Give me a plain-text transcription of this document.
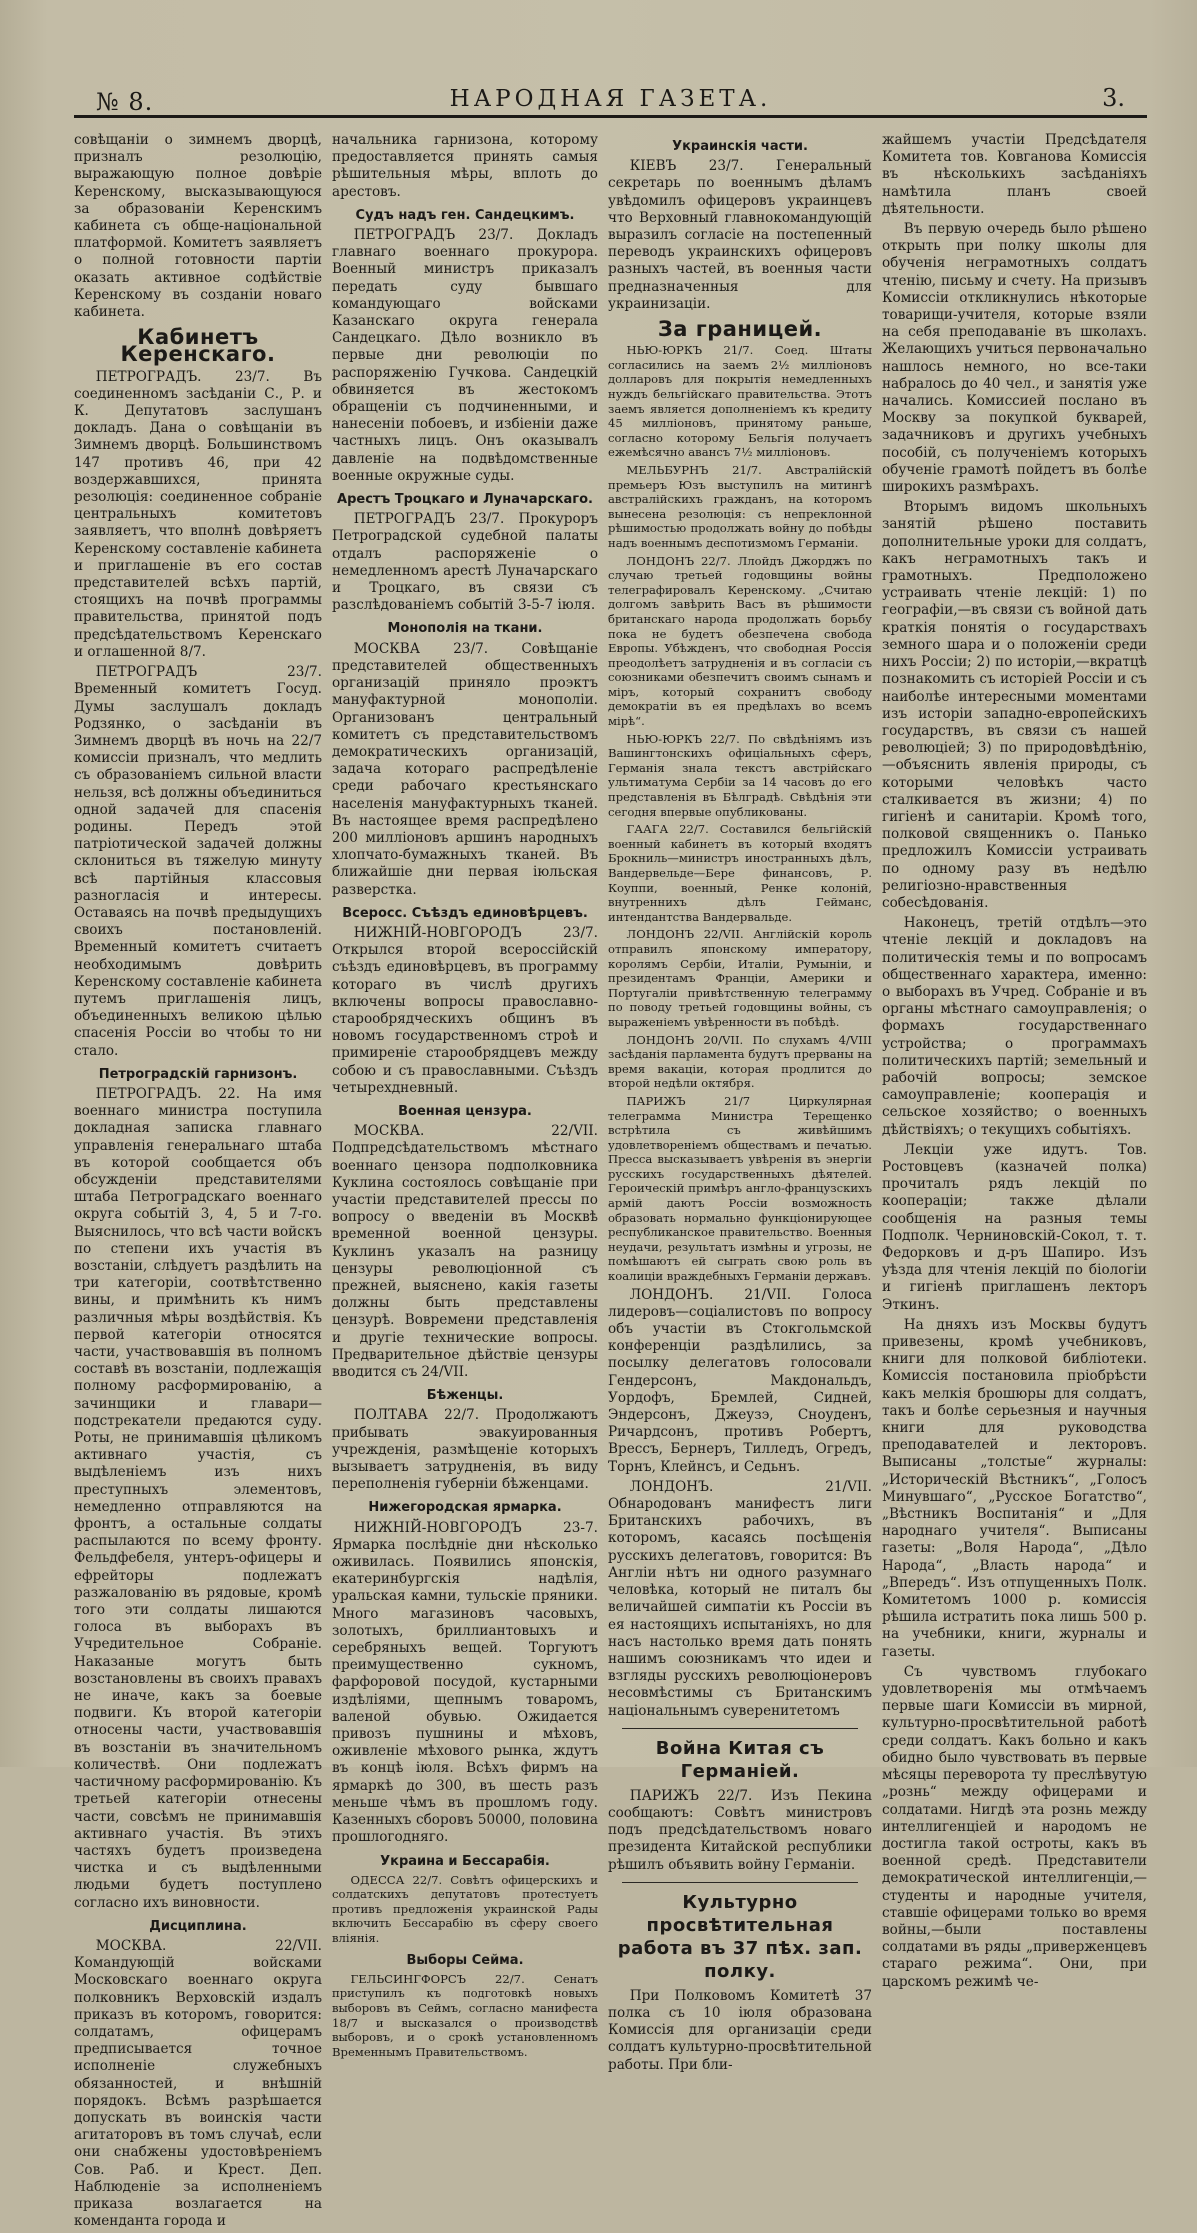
№ 8.	НАРОДНАЯ ГАЗЕТА.	3.

совѣщаніи о зимнемъ дворцѣ, призналъ резолюцію, выражающую полное довѣріе Керенскому, высказывающуюся за образованіи Керенскимъ кабинета съ обще-національной платформой. Комитетъ заявляетъ о полной готовности партіи оказать активное содѣйствіе Керенскому въ созданіи новаго кабинета.

Кабинетъ Керенскаго.

ПЕТРОГРАДЪ. 23/7. Въ соединенномъ засѣданіи С., Р. и К. Депутатовъ заслушанъ докладъ. Дана о совѣщаніи въ Зимнемъ дворцѣ. Большинствомъ 147 противъ 46, при 42 воздержавшихся, принята резолюція: соединенное собраніе центральныхъ комитетовъ заявляетъ, что вполнѣ довѣряетъ Керенскому составленіе кабинета и приглашеніе въ его состав представителей всѣхъ партій, стоящихъ на почвѣ программы правительства, принятой подъ предсѣдательствомъ Керенскаго и оглашенной 8/7.

ПЕТРОГРАДЪ 23/7. Временный комитетъ Госуд. Думы заслушалъ докладъ Родзянко, о засѣданіи въ Зимнемъ дворцѣ въ ночь на 22/7 комиссіи призналъ, что медлить съ образованіемъ сильной власти нельзя, всѣ должны объединиться одной задачей для спасенія родины. Передъ этой патріотической задачей должны склониться въ тяжелую минуту всѣ партійныя классовыя разногласія и интересы. Оставаясь на почвѣ предыдущихъ своихъ постановленій. Временный комитетъ считаетъ необходимымъ довѣрить Керенскому составленіе кабинета путемъ приглашенія лицъ, объединенныхъ великою цѣлью спасенія Россіи во чтобы то ни стало.

Петроградскій гарнизонъ.

ПЕТРОГРАДЪ. 22. На имя военнаго министра поступила докладная записка главнаго управленія генеральнаго штаба въ которой сообщается объ обсужденіи представителями штаба Петроградскаго военнаго округа событій 3, 4, 5 и 7-го. Выяснилось, что всѣ части войскъ по степени ихъ участія въ возстаніи, слѣдуетъ раздѣлить на три категоріи, соотвѣтственно вины, и примѣнить къ нимъ различныя мѣры воздѣйствія. Къ первой категоріи относятся части, участвовавшія въ полномъ составѣ въ возстаніи, подлежащія полному расформированію, а зачинщики и главари—подстрекатели предаются суду. Роты, не принимавшія цѣликомъ активнаго участія, съ выдѣленіемъ изъ нихъ преступныхъ элементовъ, немедленно отправляются на фронтъ, а остальные солдаты распылаются по всему фронту. Фельдфебеля, унтеръ-офицеры и ефрейторы подлежатъ разжалованію въ рядовые, кромѣ того эти солдаты лишаются голоса въ выборахъ въ Учредительное Собраніе. Наказаные могутъ быть возстановлены въ своихъ правахъ не иначе, какъ за боевые подвиги. Къ второй категоріи относены части, участвовавшія въ возстаніи въ значительномъ количествѣ. Они подлежатъ частичному расформированію. Къ третьей категоріи отнесены части, совсѣмъ не принимавшія активнаго участія. Въ этихъ частяхъ будетъ произведена чистка и съ выдѣленными людьми будетъ поступлено согласно ихъ виновности.

Дисциплина.

МОСКВА. 22/VII. Командующій войсками Московскаго военнаго округа полковникъ Верховскій издалъ приказъ въ которомъ, говорится: солдатамъ, офицерамъ предписывается точное исполненіе служебныхъ обязанностей, и внѣшній порядокъ. Всѣмъ разрѣшается допускать въ воинскія части агитаторовъ въ томъ случаѣ, если они снабжены удостовѣреніемъ Сов. Раб. и Крест. Деп. Наблюденіе за исполненіемъ приказа возлагается на коменданта города и

начальника гарнизона, которому предоставляется принять самыя рѣшительныя мѣры, вплоть до арестовъ.

Судъ надъ ген. Сандецкимъ.

ПЕТРОГРАДЪ 23/7. Докладъ главнаго военнаго прокурора. Военный министръ приказалъ передать суду бывшаго командующаго войсками Казанскаго округа генерала Сандецкаго. Дѣло возникло въ первые дни революціи по распоряженію Гучкова. Сандецкій обвиняется въ жестокомъ обращеніи съ подчиненными, и нанесеніи побоевъ, и избіеніи даже частныхъ лицъ. Онъ оказывалъ давленіе на подвѣдомственные военные окружные суды.

Арестъ Троцкаго и Луначарскаго.

ПЕТРОГРАДЪ 23/7. Прокуроръ Петроградской судебной палаты отдалъ распоряженіе о немедленномъ арестѣ Луначарскаго и Троцкаго, въ связи съ разслѣдованіемъ событій 3-5-7 іюля.

Монополія на ткани.

МОСКВА 23/7. Совѣщаніе представителей общественныхъ организацій приняло проэктъ мануфактурной монополіи. Организованъ центральный комитетъ съ представительствомъ демократическихъ организацій, задача котораго распредѣленіе среди рабочаго крестьянскаго населенія мануфактурныхъ тканей. Въ настоящее время распредѣлено 200 милліоновъ аршинъ народныхъ хлопчато-бумажныхъ тканей. Въ ближайшіе дни первая іюльская разверстка.

Всеросс. Съѣздъ единовѣрцевъ.

НИЖНІЙ-НОВГОРОДЪ 23/7. Открылся второй всероссійскій съѣздъ единовѣрцевъ, въ программу котораго въ числѣ другихъ включены вопросы православно-старообрядческихъ общинъ въ новомъ государственномъ строѣ и примиреніе старообрядцевъ между собою и съ православными. Съѣздъ четырехдневный.

Военная цензура.

МОСКВА. 22/VII. Подпредсѣдательствомъ мѣстнаго военнаго цензора подполковника Куклина состоялось совѣщаніе при участіи представителей прессы по вопросу о введеніи въ Москвѣ временной военной цензуры. Куклинъ указалъ на разницу цензуры революціонной съ прежней, выяснено, какія газеты должны быть представлены цензурѣ. Вовремени представленія и другіе технические вопросы. Предварительное дѣйствіе цензуры вводится съ 24/VII.

Бѣженцы.

ПОЛТАВА 22/7. Продолжаютъ прибывать эвакуированныя учрежденія, размѣщеніе которыхъ вызываетъ затрудненія, въ виду переполненія губерніи бѣженцами.

Нижегородская ярмарка.

НИЖНІЙ-НОВГОРОДЪ 23-7. Ярмарка послѣдніе дни нѣсколько оживилась. Появились японскія, екатеринбургскія надѣлія, уральская камни, тульскіе пряники. Много магазиновъ часовыхъ, золотыхъ, бриллиантовыхъ и серебряныхъ вещей. Торгуютъ преимущественно сукномъ, фарфоровой посудой, кустарными издѣліями, щепнымъ товаромъ, валеной обувью. Ожидается привозъ пушнины и мѣховъ, оживленіе мѣхового рынка, ждутъ въ концѣ іюля. Всѣхъ фирмъ на ярмаркѣ до 300, въ шесть разъ меньше чѣмъ въ прошломъ году. Казенныхъ сборовъ 50000, половина прошлогодняго.

Украина и Бессарабія.

ОДЕССА 22/7. Совѣтъ офицерскихъ и солдатскихъ депутатовъ протестуетъ противъ предложенія украинской Рады включить Бессарабію въ сферу своего вліянія.

Выборы Сейма.

ГЕЛЬСИНГФОРСЪ 22/7. Сенатъ приступилъ къ подготовкѣ новыхъ выборовъ въ Сеймъ, согласно манифеста 18/7 и высказался о производствѣ выборовъ, и о срокѣ установленномъ Временнымъ Правительствомъ.

Украинскія части.

КІЕВЪ 23/7. Генеральный секретарь по военнымъ дѣламъ увѣдомилъ офицеровъ украинцевъ что Верховный главнокомандующій выразилъ согласіе на постепенный переводъ украинскихъ офицеровъ разныхъ частей, въ военныя части предназначенныя для украинизаціи.

За границей.

НЬЮ-ЮРКЪ 21/7. Соед. Штаты согласились на заемъ 2½ милліоновъ долларовъ для покрытія немедленныхъ нуждъ бельгійскаго правительства. Этотъ заемъ является дополненіемъ къ кредиту 45 милліоновъ, принятому раньше, согласно которому Бельгія получаетъ ежемѣсячно авансъ 7½ милліоновъ.

МЕЛЬБУРНЪ 21/7. Австралійскій премьеръ Юзъ выступилъ на митингѣ австралійскихъ гражданъ, на которомъ вынесена резолюція: съ непреклонной рѣшимостью продолжать войну до побѣды надъ военнымъ деспотизмомъ Германіи.

ЛОНДОНЪ 22/7. Ллойдъ Джорджъ по случаю третьей годовщины войны телеграфировалъ Керенскому. „Считаю долгомъ завѣрить Васъ въ рѣшимости британскаго народа продолжать борьбу пока не будетъ обезпечена свобода Европы. Убѣжденъ, что свободная Россія преодолѣетъ затрудненія и въ согласіи съ союзниками обезпечитъ своимъ сынамъ и міръ, который сохранитъ свободу демократіи въ ея предѣлахъ во всемъ мірѣ“.

НЬЮ-ЮРКЪ 22/7. По свѣдѣніямъ изъ Вашингтонскихъ офиціальныхъ сферъ, Германія знала текстъ австрійскаго ультиматума Сербіи за 14 часовъ до его представленія въ Бѣлградѣ. Свѣдѣнія эти сегодня впервые опубликованы.

ГААГА 22/7. Составился бельгійскій военный кабинетъ въ который входятъ Брокниль—министръ иностранныхъ дѣлъ, Вандервельде—Бере финансовъ, Р. Коуппи, военный, Ренке колоній, внутреннихъ дѣлъ Гейманс, интендантства Вандервальде.

ЛОНДОНЪ 22/VII. Англійскій король отправилъ японскому императору, королямъ Сербіи, Италіи, Румыніи, и президентамъ Франціи, Америки и Португаліи привѣтственную телеграмму по поводу третьей годовщины войны, съ выраженіемъ увѣренности въ побѣдѣ.

ЛОНДОНЪ 20/VII. По слухамъ 4/VIII засѣданія парламента будутъ прерваны на время вакаціи, которая продлится до второй недѣли октября.

ПАРИЖЪ 21/7 Циркулярная телеграмма Министра Терещенко встрѣтила съ живѣйшимъ удовлетвореніемъ обществамъ и печатью. Пресса высказываетъ увѣренія въ энергіи русскихъ государственныхъ дѣятелей. Героическій примѣръ англо-французскихъ армій даютъ Россіи возможность образовать нормально функціонирующее республиканское правительство. Военныя неудачи, результатъ измѣны и угрозы, не помѣшаютъ ей сыграть свою роль въ коалиціи враждебныхъ Германіи державъ.

ЛОНДОНЪ. 21/VII. Голоса лидеровъ—соціалистовъ по вопросу объ участіи въ Стокгольмской конференціи раздѣлились, за посылку делегатовъ голосовали Гендерсонъ, Макдональдъ, Уордофъ, Бремлей, Сидней, Эндерсонъ, Джеузэ, Сноуденъ, Ричардсонъ, противъ Робертъ, Врессъ, Бернеръ, Тилледъ, Огредъ, Торнъ, Клейнсъ, и Седьнъ.

ЛОНДОНЪ. 21/VII. Обнародованъ манифестъ лиги Британскихъ рабочихъ, въ которомъ, касаясь посѣщенія русскихъ делегатовъ, говорится: Въ Англіи нѣтъ ни одного разумнаго человѣка, который не питалъ бы величайшей симпатіи къ Россіи въ ея настоящихъ испытаніяхъ, но для насъ настолько время дать понять нашимъ союзникамъ что идеи и взгляды русскихъ революціонеровъ несовмѣстимы съ Британскимъ національнымъ суверенитетомъ

Война Китая съ Германіей.

ПАРИЖЪ 22/7. Изъ Пекина сообщаютъ: Совѣтъ министровъ подъ предсѣдательствомъ новаго президента Китайской республики рѣшилъ объявить войну Германіи.

Культурно просвѣтительная работа въ 37 пѣх. зап. полку.

При Полковомъ Комитетѣ 37 полка съ 10 іюля образована Комиссія для организаціи среди солдатъ культурно-просвѣтительной работы. При бли-

жайшемъ участіи Предсѣдателя Комитета тов. Ковганова Комиссія въ нѣсколькихъ засѣданіяхъ намѣтила планъ своей дѣятельности.

Въ первую очередь было рѣшено открыть при полку школы для обученія неграмотныхъ солдатъ чтенію, письму и счету. На призывъ Комиссіи откликнулись нѣкоторые товарищи-учителя, которые взяли на себя преподаваніе въ школахъ. Желающихъ учиться первоначально нашлось немного, но все-таки набралось до 40 чел., и занятія уже начались. Комиссией послано въ Москву за покупкой букварей, задачниковъ и другихъ учебныхъ пособій, съ полученіемъ которыхъ обученіе грамотѣ пойдетъ въ болѣе широкихъ размѣрахъ.

Вторымъ видомъ школьныхъ занятій рѣшено поставить дополнительные уроки для солдатъ, какъ неграмотныхъ такъ и грамотныхъ. Предположено устраивать чтеніе лекцій: 1) по географіи,—въ связи съ войной дать краткія понятія о государствахъ земного шара и о положеніи среди нихъ Россіи; 2) по исторіи,—вкратцѣ познакомить съ исторіей Россіи и съ наиболѣе интересными моментами изъ исторіи западно-европейскихъ государствъ, въ связи съ нашей революціей; 3) по природовѣдѣнію,—объяснить явленія природы, съ которыми человѣкъ часто сталкивается въ жизни; 4) по гигіенѣ и санитаріи. Кромѣ того, полковой священникъ о. Панько предложилъ Комиссіи устраивать по одному разу въ недѣлю религіозно-нравственныя собесѣдованія.

Наконецъ, третій отдѣлъ—это чтеніе лекцій и докладовъ на политическія темы и по вопросамъ общественнаго характера, именно: о выборахъ въ Учред. Собраніе и въ органы мѣстнаго самоуправленія; о формахъ государственнаго устройства; о программахъ политическихъ партій; земельный и рабочій вопросы; земское самоуправленіе; кооперація и сельское хозяйство; о военныхъ дѣйствіяхъ; о текущихъ событіяхъ.

Лекціи уже идутъ. Тов. Ростовцевъ (казначей полка) прочиталъ рядъ лекцій по коопераціи; также дѣлали сообщенія на разныя темы Подполк. Черниновскій-Сокол, т. т. Федорковъ и д-ръ Шапиро. Изъ уѣзда для чтенія лекцій по біологіи и гигіенѣ приглашенъ лекторъ Эткинъ.

На дняхъ изъ Москвы будутъ привезены, кромѣ учебниковъ, книги для полковой библіотеки. Комиссія постановила пріобрѣсти какъ мелкія брошюры для солдатъ, такъ и болѣе серьезныя и научныя книги для руководства преподавателей и лекторовъ. Выписаны „толстые“ журналы: „Историческій Вѣстникъ“, „Голосъ Минувшаго“, „Русское Богатство“, „Вѣстникъ Воспитанія“ и „Для народнаго учителя“. Выписаны газеты: „Воля Народа“, „Дѣло Народа“, „Власть народа“ и „Впередъ“. Изъ отпущенныхъ Полк. Комитетомъ 1000 р. комиссія рѣшила истратить пока лишь 500 р. на учебники, книги, журналы и газеты.

Съ чувствомъ глубокаго удовлетворенія мы отмѣчаемъ первые шаги Комиссіи въ мирной, культурно-просвѣтительной работѣ среди солдатъ. Какъ больно и какъ обидно было чувствовать въ первые мѣсяцы переворота ту преслѣвутую „рознь“ между офицерами и солдатами. Нигдѣ эта рознь между интеллигенціей и народомъ не достигла такой остроты, какъ въ военной средѣ. Представители демократической интеллигенціи,—студенты и народные учителя, ставшіе офицерами только во время войны,—были поставлены солдатами въ ряды „приверженцевъ стараго режима“. Они, при царскомъ режимѣ че-
